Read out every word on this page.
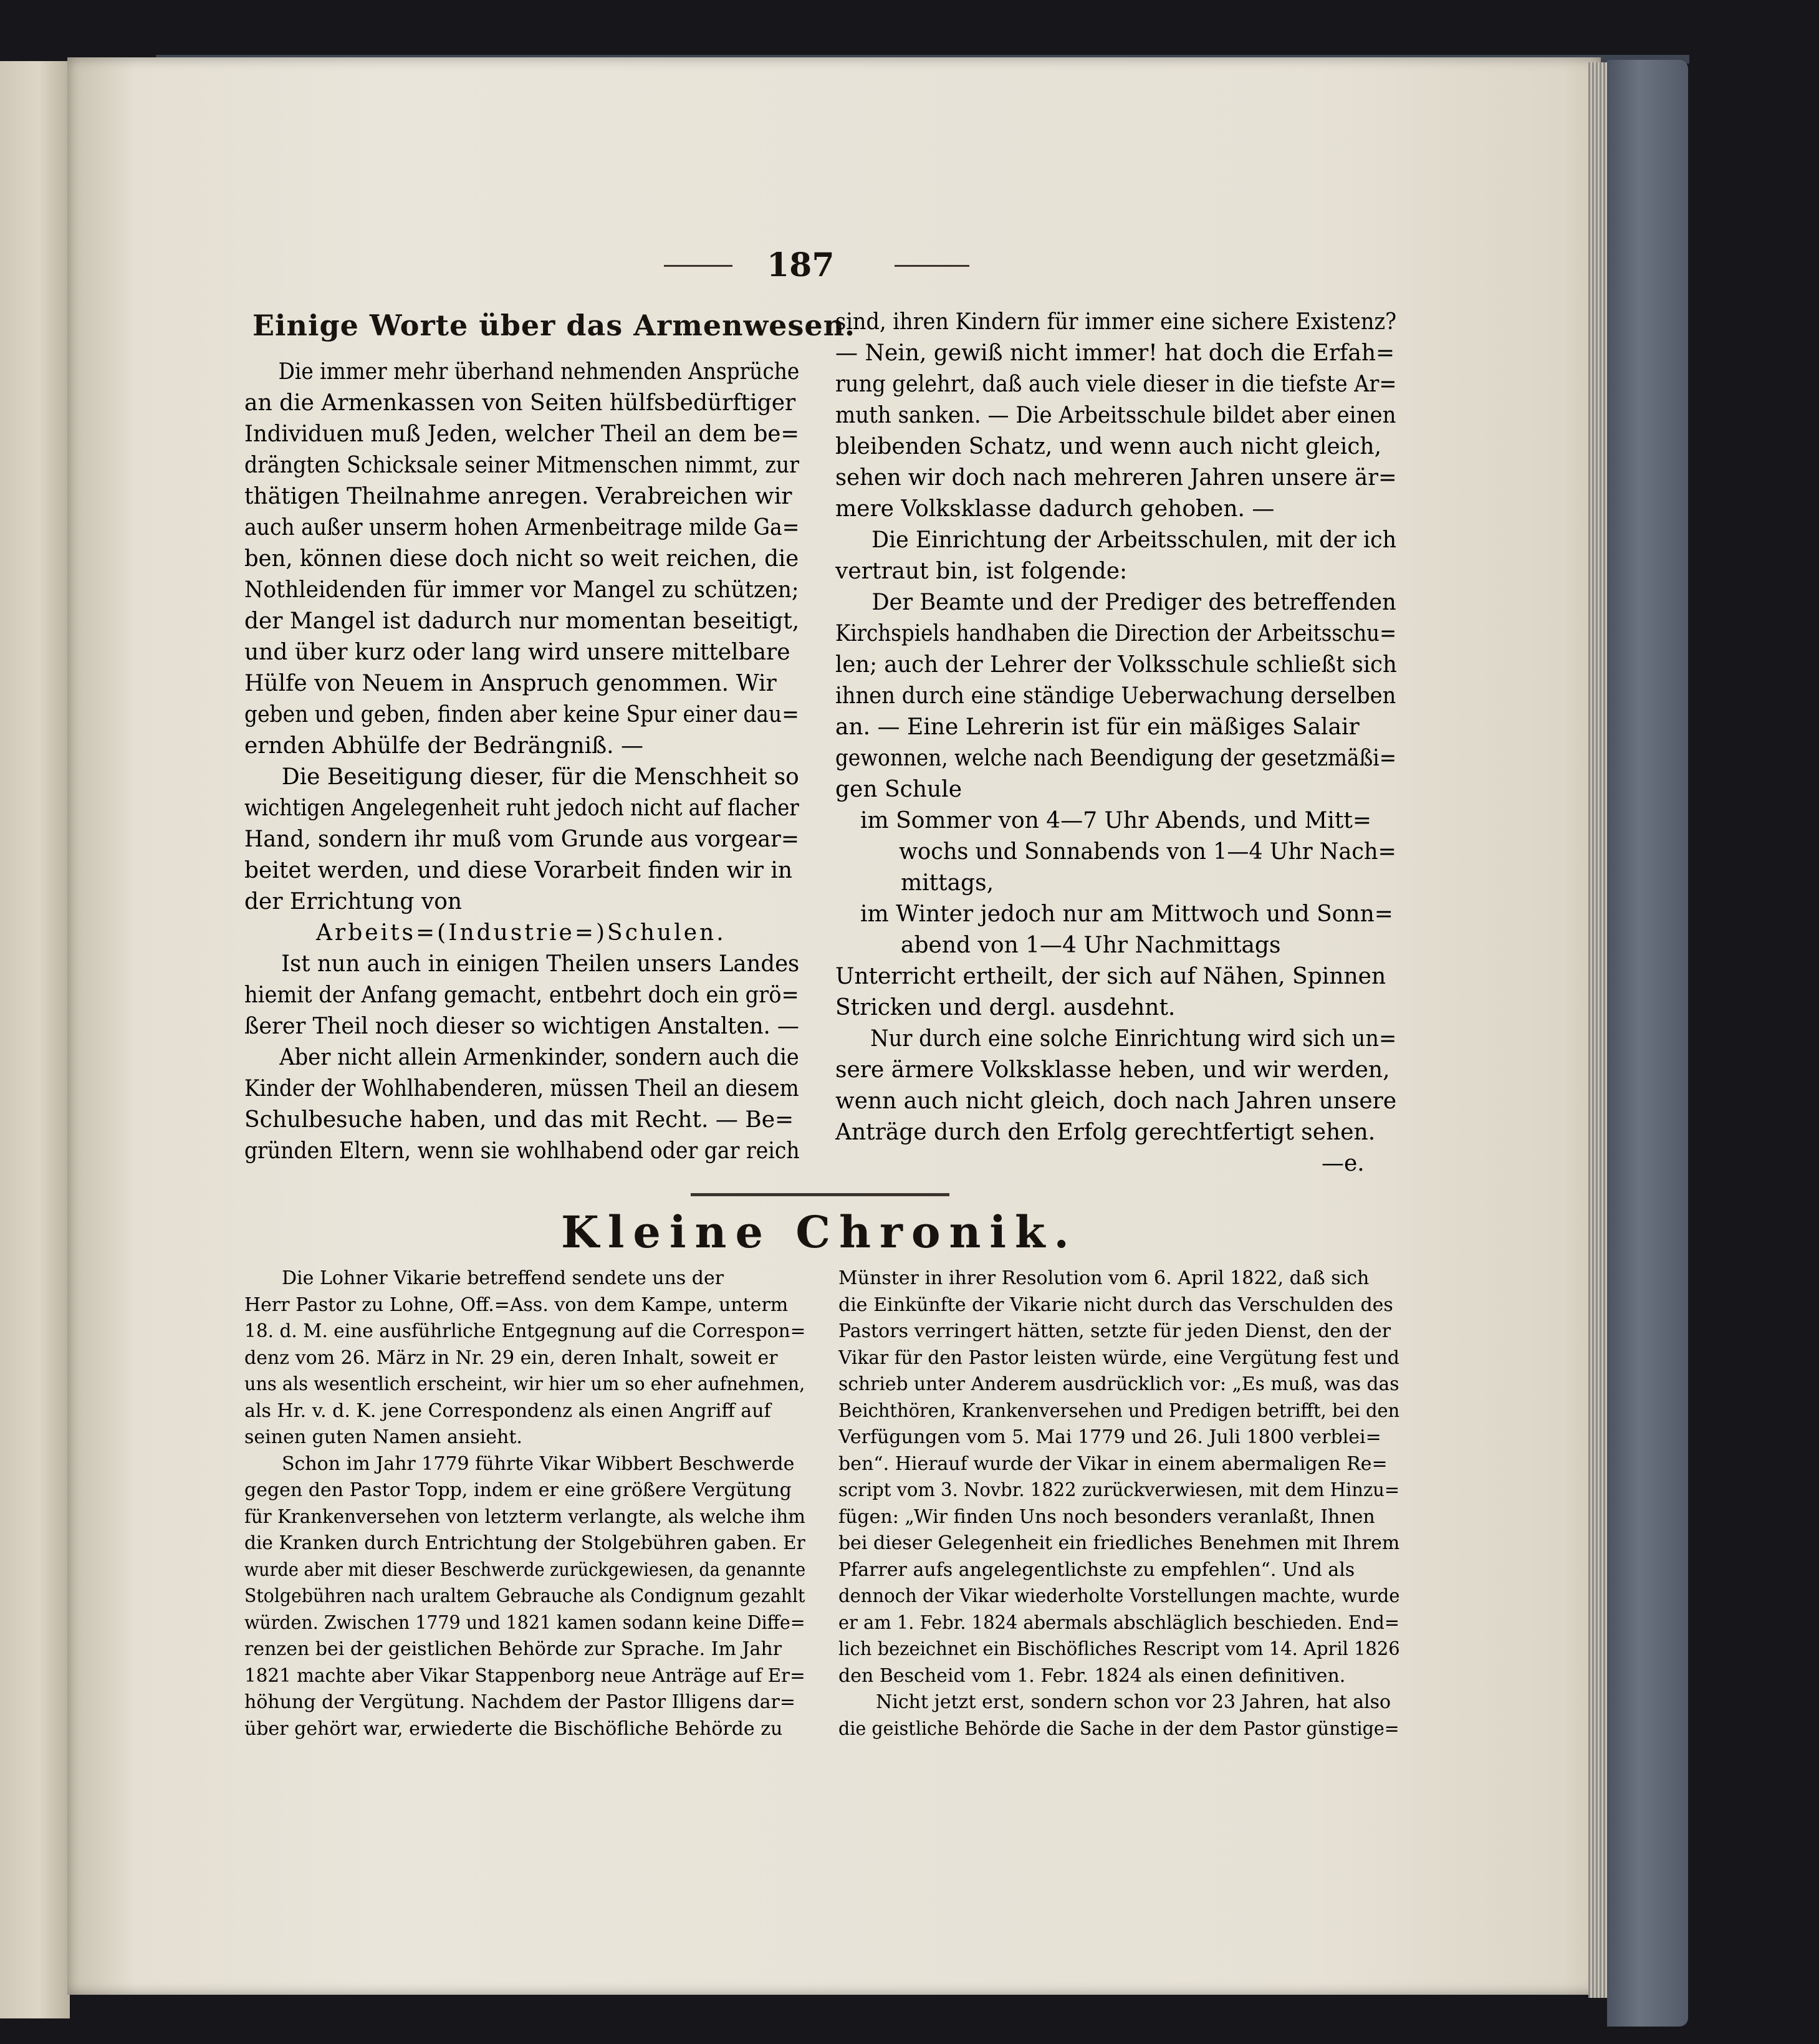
187
Einige Worte über das Armenwesen.
Die immer mehr überhand nehmenden Ansprüche
an die Armenkassen von Seiten hülfsbedürftiger
Individuen muß Jeden, welcher Theil an dem be=
drängten Schicksale seiner Mitmenschen nimmt, zur
thätigen Theilnahme anregen. Verabreichen wir
auch außer unserm hohen Armenbeitrage milde Ga=
ben, können diese doch nicht so weit reichen, die
Nothleidenden für immer vor Mangel zu schützen;
der Mangel ist dadurch nur momentan beseitigt,
und über kurz oder lang wird unsere mittelbare
Hülfe von Neuem in Anspruch genommen. Wir
geben und geben, finden aber keine Spur einer dau=
ernden Abhülfe der Bedrängniß. —
Die Beseitigung dieser, für die Menschheit so
wichtigen Angelegenheit ruht jedoch nicht auf flacher
Hand, sondern ihr muß vom Grunde aus vorgear=
beitet werden, und diese Vorarbeit finden wir in
der Errichtung von
Arbeits=(Industrie=)Schulen.
Ist nun auch in einigen Theilen unsers Landes
hiemit der Anfang gemacht, entbehrt doch ein grö=
ßerer Theil noch dieser so wichtigen Anstalten. —
Aber nicht allein Armenkinder, sondern auch die
Kinder der Wohlhabenderen, müssen Theil an diesem
Schulbesuche haben, und das mit Recht. — Be=
gründen Eltern, wenn sie wohlhabend oder gar reich
sind, ihren Kindern für immer eine sichere Existenz?
— Nein, gewiß nicht immer! hat doch die Erfah=
rung gelehrt, daß auch viele dieser in die tiefste Ar=
muth sanken. — Die Arbeitsschule bildet aber einen
bleibenden Schatz, und wenn auch nicht gleich,
sehen wir doch nach mehreren Jahren unsere är=
mere Volksklasse dadurch gehoben. —
Die Einrichtung der Arbeitsschulen, mit der ich
vertraut bin, ist folgende:
Der Beamte und der Prediger des betreffenden
Kirchspiels handhaben die Direction der Arbeitsschu=
len; auch der Lehrer der Volksschule schließt sich
ihnen durch eine ständige Ueberwachung derselben
an. — Eine Lehrerin ist für ein mäßiges Salair
gewonnen, welche nach Beendigung der gesetzmäßi=
gen Schule
im Sommer von 4—7 Uhr Abends, und Mitt=
wochs und Sonnabends von 1—4 Uhr Nach=
mittags,
im Winter jedoch nur am Mittwoch und Sonn=
abend von 1—4 Uhr Nachmittags
Unterricht ertheilt, der sich auf Nähen, Spinnen
Stricken und dergl. ausdehnt.
Nur durch eine solche Einrichtung wird sich un=
sere ärmere Volksklasse heben, und wir werden,
wenn auch nicht gleich, doch nach Jahren unsere
Anträge durch den Erfolg gerechtfertigt sehen.
—e.
Kleine Chronik.
Die Lohner Vikarie betreffend sendete uns der
Herr Pastor zu Lohne, Off.=Ass. von dem Kampe, unterm
18. d. M. eine ausführliche Entgegnung auf die Correspon=
denz vom 26. März in Nr. 29 ein, deren Inhalt, soweit er
uns als wesentlich erscheint, wir hier um so eher aufnehmen,
als Hr. v. d. K. jene Correspondenz als einen Angriff auf
seinen guten Namen ansieht.
Schon im Jahr 1779 führte Vikar Wibbert Beschwerde
gegen den Pastor Topp, indem er eine größere Vergütung
für Krankenversehen von letzterm verlangte, als welche ihm
die Kranken durch Entrichtung der Stolgebühren gaben. Er
wurde aber mit dieser Beschwerde zurückgewiesen, da genannte
Stolgebühren nach uraltem Gebrauche als Condignum gezahlt
würden. Zwischen 1779 und 1821 kamen sodann keine Diffe=
renzen bei der geistlichen Behörde zur Sprache. Im Jahr
1821 machte aber Vikar Stappenborg neue Anträge auf Er=
höhung der Vergütung. Nachdem der Pastor Illigens dar=
über gehört war, erwiederte die Bischöfliche Behörde zu
Münster in ihrer Resolution vom 6. April 1822, daß sich
die Einkünfte der Vikarie nicht durch das Verschulden des
Pastors verringert hätten, setzte für jeden Dienst, den der
Vikar für den Pastor leisten würde, eine Vergütung fest und
schrieb unter Anderem ausdrücklich vor: „Es muß, was das
Beichthören, Krankenversehen und Predigen betrifft, bei den
Verfügungen vom 5. Mai 1779 und 26. Juli 1800 verblei=
ben“. Hierauf wurde der Vikar in einem abermaligen Re=
script vom 3. Novbr. 1822 zurückverwiesen, mit dem Hinzu=
fügen: „Wir finden Uns noch besonders veranlaßt, Ihnen
bei dieser Gelegenheit ein friedliches Benehmen mit Ihrem
Pfarrer aufs angelegentlichste zu empfehlen“. Und als
dennoch der Vikar wiederholte Vorstellungen machte, wurde
er am 1. Febr. 1824 abermals abschläglich beschieden. End=
lich bezeichnet ein Bischöfliches Rescript vom 14. April 1826
den Bescheid vom 1. Febr. 1824 als einen definitiven.
Nicht jetzt erst, sondern schon vor 23 Jahren, hat also
die geistliche Behörde die Sache in der dem Pastor günstige=
